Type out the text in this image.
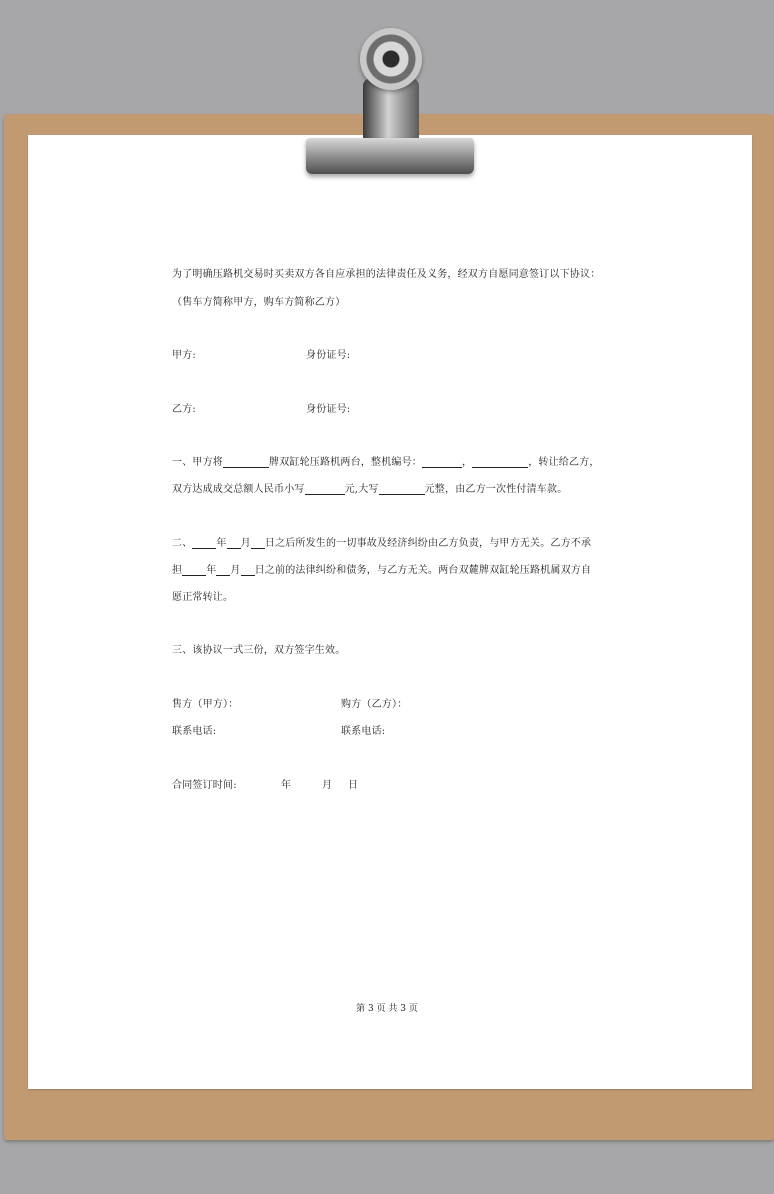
为了明确压路机交易时买卖双方各自应承担的法律责任及义务，经双方自愿同意签订以下协议：
（售车方简称甲方，购车方简称乙方）
甲方:	身份证号:
乙方:	身份证号:
一、甲方将	牌双缸轮压路机两台，整机编号：	，	，转让给乙方，
双方达成成交总额人民币小写	元,大写	元整，由乙方一次性付清车款。
二、 年 月 日之后所发生的一切事故及经济纠纷由乙方负责，与甲方无关。乙方不承
担 年 月 日之前的法律纠纷和债务，与乙方无关。两台双麓牌双缸轮压路机属双方自
愿正常转让。
三、该协议一式三份，双方签字生效。
售方（甲方）：	购方（乙方）：
联系电话:	联系电话:
合同签订时间:	年	月 日
第 3 页 共 3 页
